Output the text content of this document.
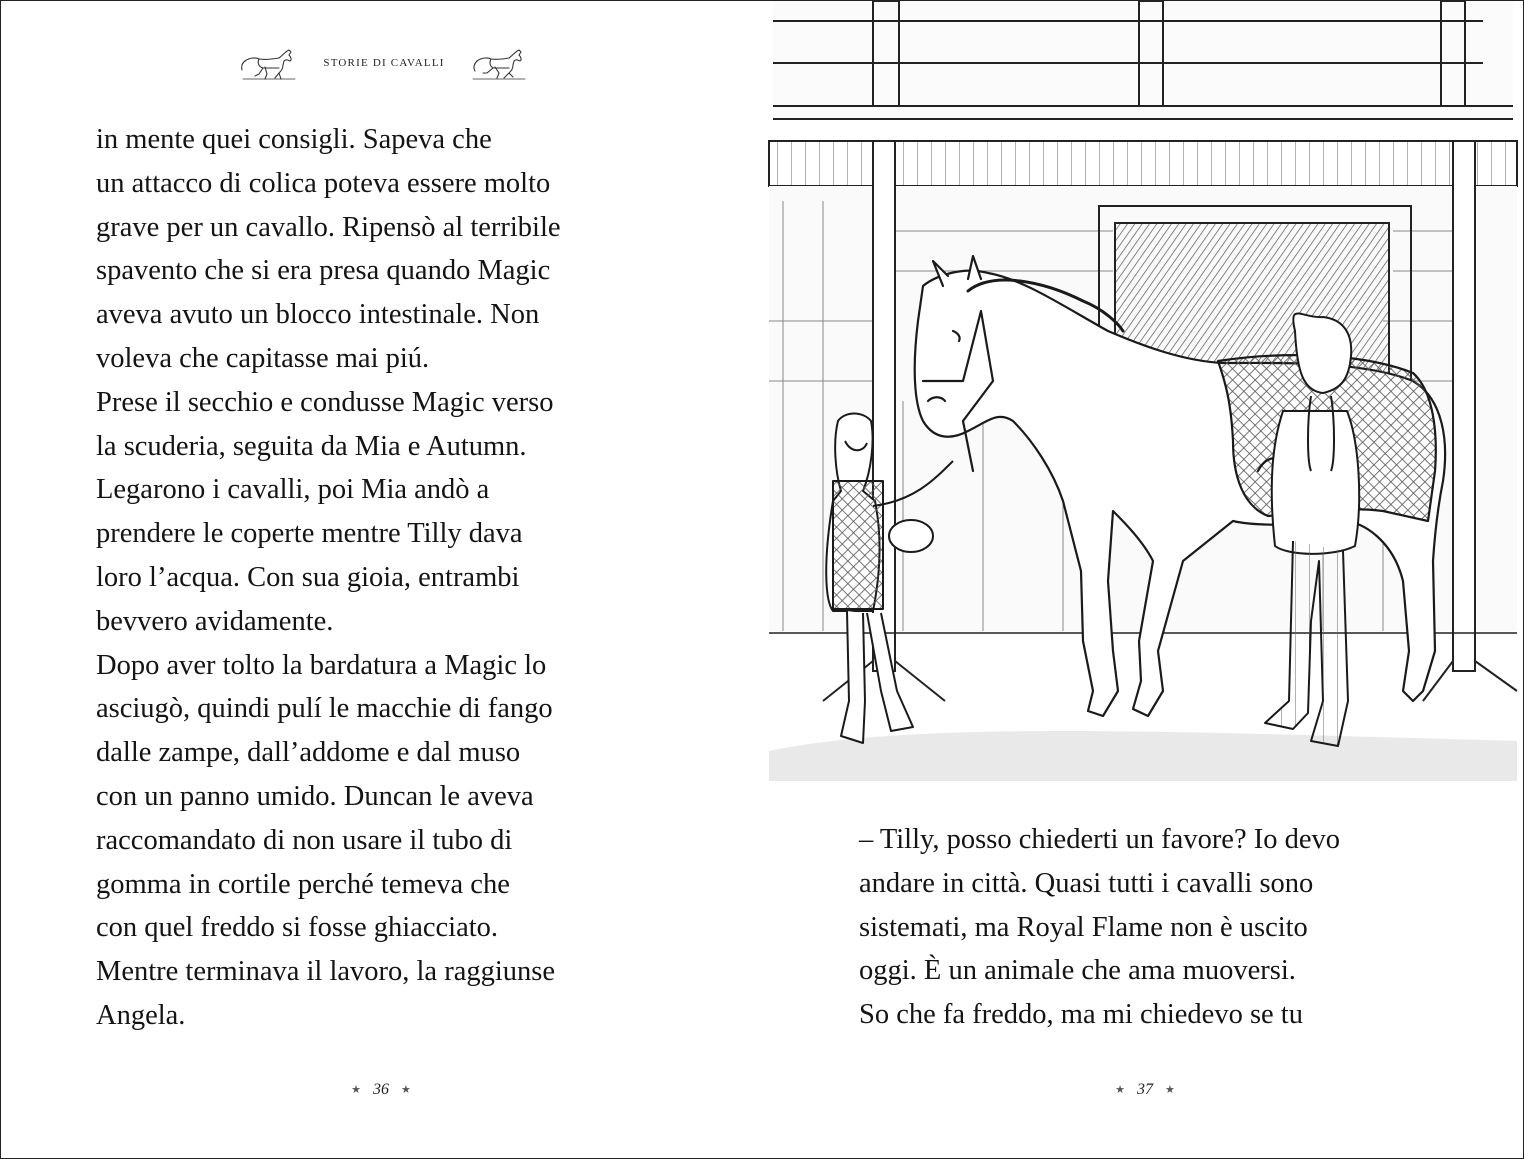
STORIE DI CAVALLI
in mente quei consigli. Sapeva che
un attacco di colica poteva essere molto
grave per un cavallo. Ripensò al terribile
spavento che si era presa quando Magic
aveva avuto un blocco intestinale. Non
voleva che capitasse mai piú.
Prese il secchio e condusse Magic verso
la scuderia, seguita da Mia e Autumn.
Legarono i cavalli, poi Mia andò a
prendere le coperte mentre Tilly dava
loro l’acqua. Con sua gioia, entrambi
bevvero avidamente.
Dopo aver tolto la bardatura a Magic lo
asciugò, quindi pulí le macchie di fango
dalle zampe, dall’addome e dal muso
con un panno umido. Duncan le aveva
raccomandato di non usare il tubo di
gomma in cortile perché temeva che
con quel freddo si fosse ghiacciato.
Mentre terminava il lavoro, la raggiunse
Angela.
★ 36 ★
– Tilly, posso chiederti un favore? Io devo
andare in città. Quasi tutti i cavalli sono
sistemati, ma Royal Flame non è uscito
oggi. È un animale che ama muoversi.
So che fa freddo, ma mi chiedevo se tu
★ 37 ★
